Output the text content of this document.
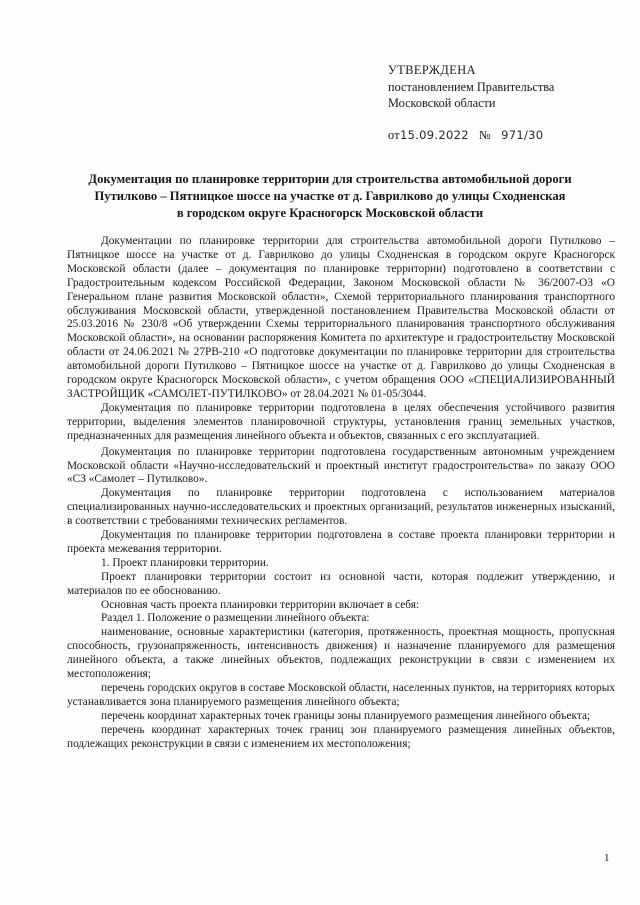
УТВЕРЖДЕНА
постановлением Правительства
Московской области
от15.09.2022 № 971/30
Документация по планировке территории для строительства автомобильной дороги
Путилково – Пятницкое шоссе на участке от д. Гаврилково до улицы Сходненская
в городском округе Красногорск Московской области

Документации по планировке территории для строительства автомобильной дороги Путилково – Пятницкое шоссе на участке от д. Гаврилково до улицы Сходненская в городском округе Красногорск Московской области (далее – документация по планировке территории) подготовлено в соответствии с Градостроительным кодексом Российской Федерации, Законом Московской области № 36/2007-ОЗ «О Генеральном плане развития Московской области», Схемой территориального планирования транспортного обслуживания Московской области, утвержденной постановлением Правительства Московской области от 25.03.2016 № 230/8 «Об утверждении Схемы территориального планирования транспортного обслуживания Московской области», на основании распоряжения Комитета по архитектуре и градостроительству Московской области от 24.06.2021 № 27РВ-210 «О подготовке документации по планировке территории для строительства автомобильной дороги Путилково – Пятницкое шоссе на участке от д. Гаврилково до улицы Сходненская в городском округе Красногорск Московской области», с учетом обращения ООО «СПЕЦИАЛИЗИРОВАННЫЙ ЗАСТРОЙЩИК «САМОЛЕТ-ПУТИЛКОВО» от 28.04.2021 № 01-05/3044.

Документация по планировке территории подготовлена в целях обеспечения устойчивого развития территории, выделения элементов планировочной структуры, установления границ земельных участков, предназначенных для размещения линейного объекта и объектов, связанных с его эксплуатацией.

Документация по планировке территории подготовлена государственным автономным учреждением Московской области «Научно-исследовательский и проектный институт градостроительства» по заказу ООО «СЗ «Самолет – Путилково».

Документация по планировке территории подготовлена с использованием материалов специализированных научно-исследовательских и проектных организаций, результатов инженерных изысканий, в соответствии с требованиями технических регламентов.

Документация по планировке территории подготовлена в составе проекта планировки территории и проекта межевания территории.

1. Проект планировки территории.

Проект планировки территории состоит из основной части, которая подлежит утверждению, и материалов по ее обоснованию.

Основная часть проекта планировки территории включает в себя:

Раздел 1. Положение о размещении линейного объекта:

наименование, основные характеристики (категория, протяженность, проектная мощность, пропускная способность, грузонапряженность, интенсивность движения) и назначение планируемого для размещения линейного объекта, а также линейных объектов, подлежащих реконструкции в связи с изменением их местоположения;

перечень городских округов в составе Московской области, населенных пунктов, на территориях которых устанавливается зона планируемого размещения линейного объекта;

перечень координат характерных точек границы зоны планируемого размещения линейного объекта;

перечень координат характерных точек границ зон планируемого размещения линейных объектов, подлежащих реконструкции в связи с изменением их местоположения;

1
